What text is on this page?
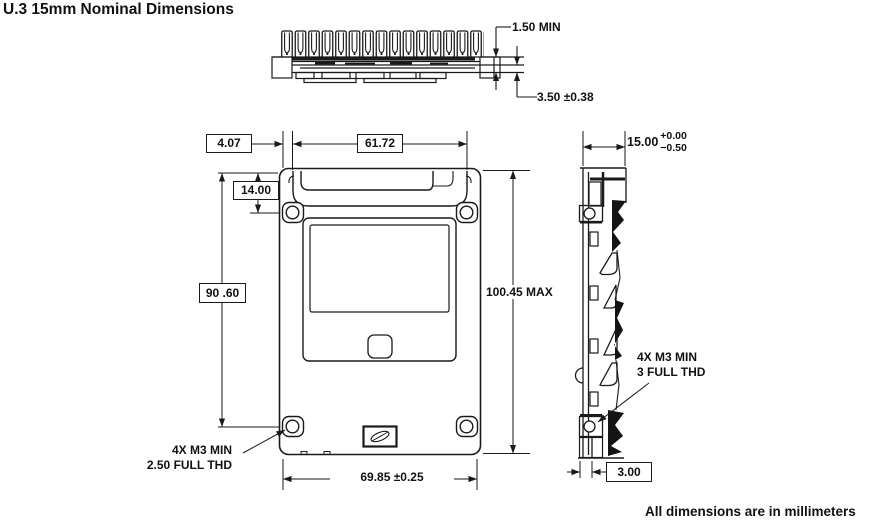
U.3 15mm Nominal Dimensions
1.50 MIN
3.50 ±0.38
4.07	61.72	15.00 +0.00
−0.50
14.00
90 .60	100.45 MAX
4X M3 MIN
3 FULL THD
4X M3 MIN
2.50 FULL THD
69.85 ±0.25	3.00
All dimensions are in millimeters
